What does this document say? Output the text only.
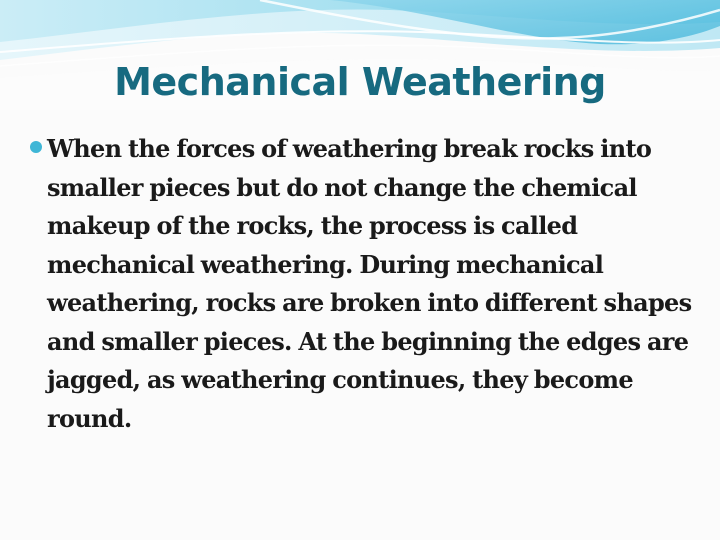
Mechanical Weathering
When the forces of weathering break rocks into smaller pieces but do not change the chemical makeup of the rocks, the process is called mechanical weathering. During mechanical weathering, rocks are broken into different shapes and smaller pieces. At the beginning the edges are jagged, as weathering continues, they become round.
